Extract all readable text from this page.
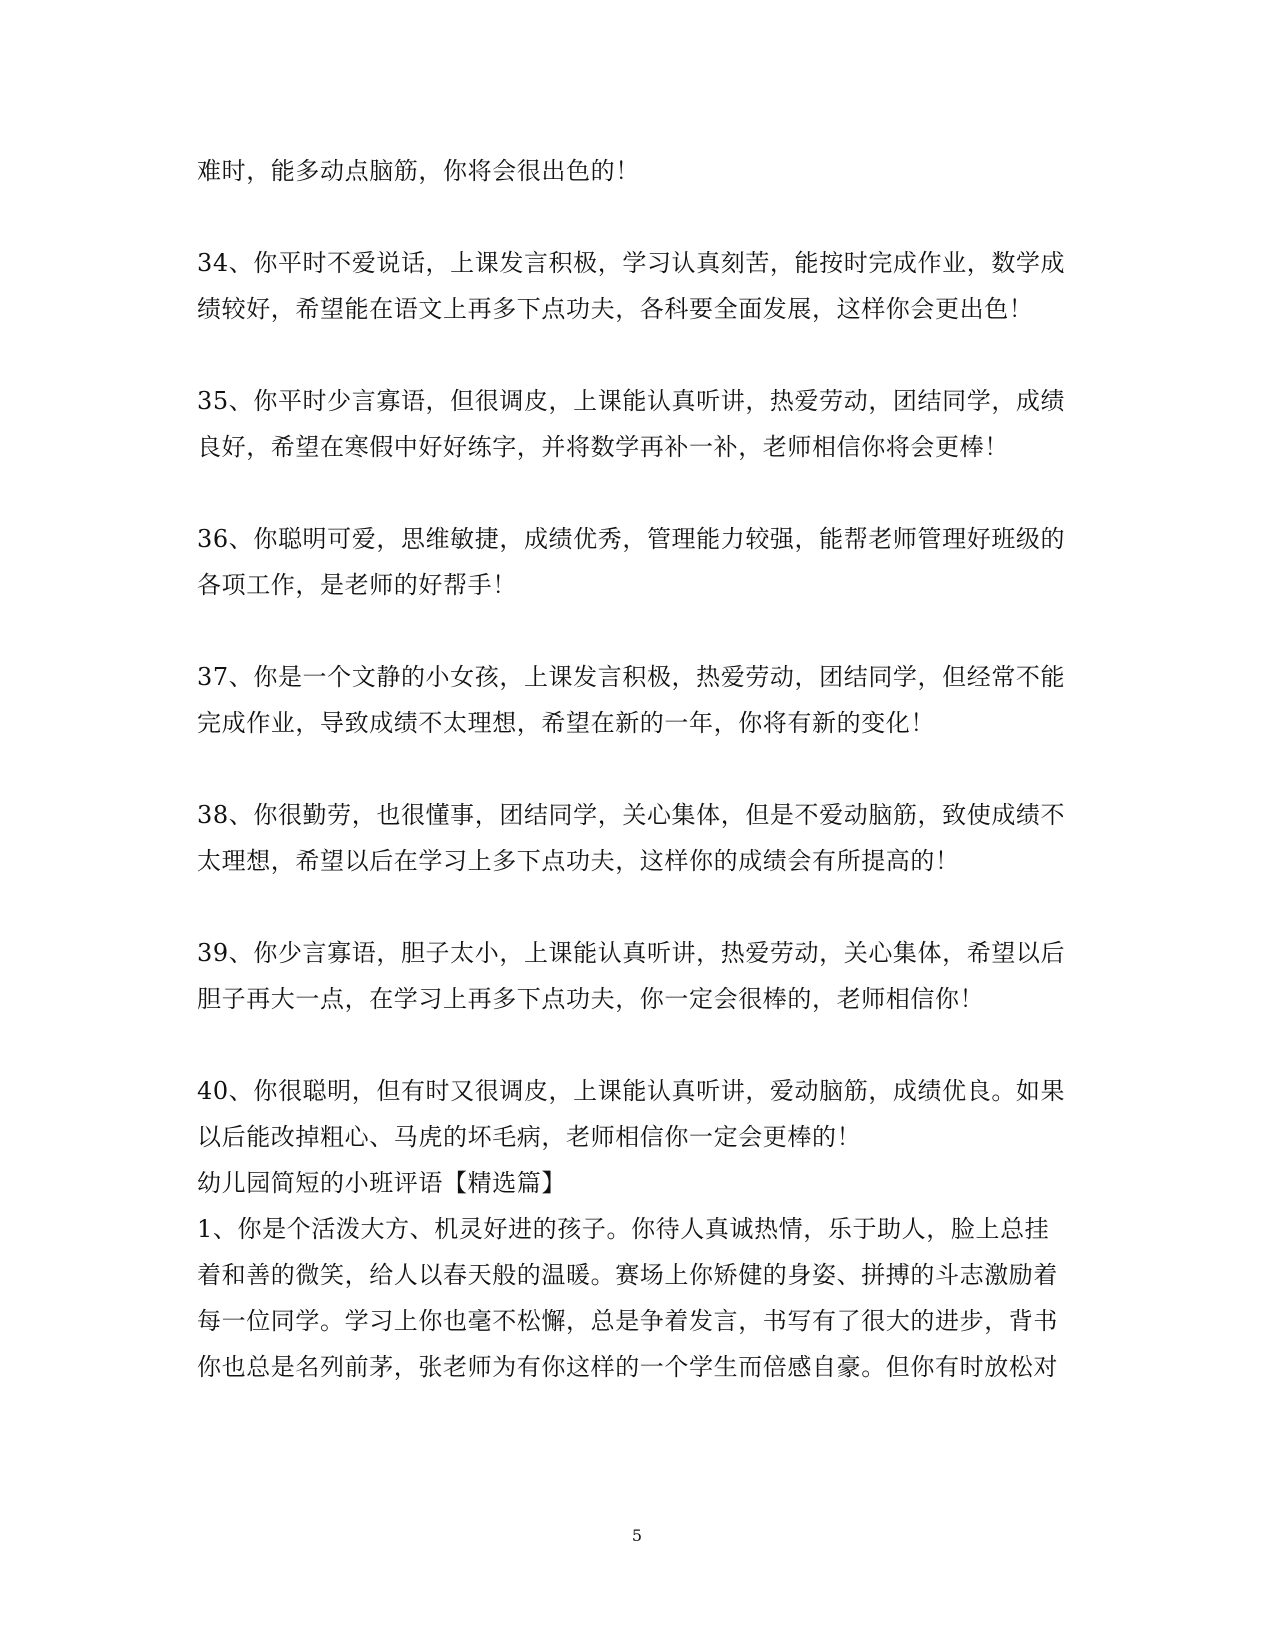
难时，能多动点脑筋，你将会很出色的！
34、你平时不爱说话，上课发言积极，学习认真刻苦，能按时完成作业，数学成
绩较好，希望能在语文上再多下点功夫，各科要全面发展，这样你会更出色！
35、你平时少言寡语，但很调皮，上课能认真听讲，热爱劳动，团结同学，成绩
良好，希望在寒假中好好练字，并将数学再补一补，老师相信你将会更棒！
36、你聪明可爱，思维敏捷，成绩优秀，管理能力较强，能帮老师管理好班级的
各项工作，是老师的好帮手！
37、你是一个文静的小女孩，上课发言积极，热爱劳动，团结同学，但经常不能
完成作业，导致成绩不太理想，希望在新的一年，你将有新的变化！
38、你很勤劳，也很懂事，团结同学，关心集体，但是不爱动脑筋，致使成绩不
太理想，希望以后在学习上多下点功夫，这样你的成绩会有所提高的！
39、你少言寡语，胆子太小，上课能认真听讲，热爱劳动，关心集体，希望以后
胆子再大一点，在学习上再多下点功夫，你一定会很棒的，老师相信你！
40、你很聪明，但有时又很调皮，上课能认真听讲，爱动脑筋，成绩优良。如果
以后能改掉粗心、马虎的坏毛病，老师相信你一定会更棒的！
幼儿园简短的小班评语【精选篇】
1、你是个活泼大方、机灵好进的孩子。你待人真诚热情，乐于助人，脸上总挂
着和善的微笑，给人以春天般的温暖。赛场上你矫健的身姿、拼搏的斗志激励着
每一位同学。学习上你也毫不松懈，总是争着发言，书写有了很大的进步，背书
你也总是名列前茅，张老师为有你这样的一个学生而倍感自豪。但你有时放松对
5
